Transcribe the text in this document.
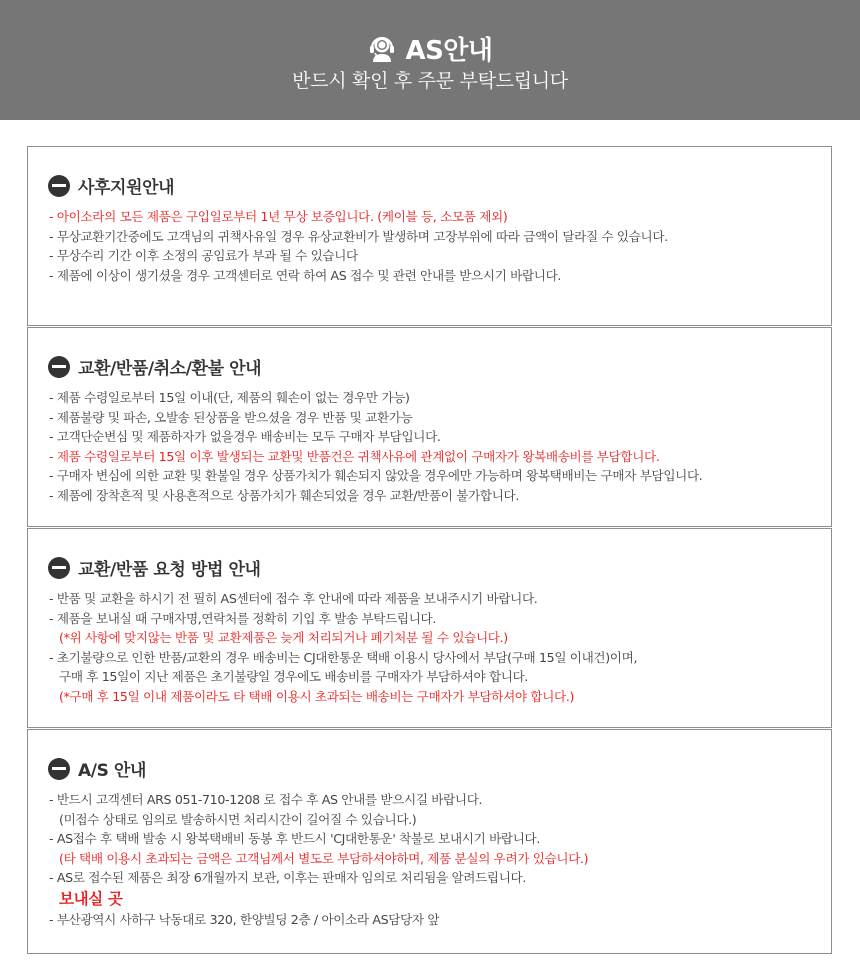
AS안내
반드시 확인 후 주문 부탁드립니다
사후지원안내
- 아이소라의 모든 제품은 구입일로부터 1년 무상 보증입니다. (케이블 등, 소모품 제외)
- 무상교환기간중에도 고객님의 귀책사유일 경우 유상교환비가 발생하며 고장부위에 따라 금액이 달라질 수 있습니다.
- 무상수리 기간 이후 소정의 공임료가 부과 될 수 있습니다
- 제품에 이상이 생기셨을 경우 고객센터로 연락 하여 AS 접수 및 관련 안내를 받으시기 바랍니다.
교환/반품/취소/환불 안내
- 제품 수령일로부터 15일 이내(단, 제품의 훼손이 없는 경우만 가능)
- 제품불량 및 파손, 오발송 된상품을 받으셨을 경우 반품 및 교환가능
- 고객단순변심 및 제품하자가 없을경우 배송비는 모두 구매자 부담입니다.
- 제품 수령일로부터 15일 이후 발생되는 교환및 반품건은 귀책사유에 관계없이 구매자가 왕복배송비를 부담합니다.
- 구매자 변심에 의한 교환 및 환불일 경우 상품가치가 훼손되지 않았을 경우에만 가능하며 왕복택배비는 구매자 부담입니다.
- 제품에 장착흔적 및 사용흔적으로 상품가치가 훼손되었을 경우 교환/반품이 불가합니다.
교환/반품 요청 방법 안내
- 반품 및 교환을 하시기 전 필히 AS센터에 접수 후 안내에 따라 제품을 보내주시기 바랍니다.
- 제품을 보내실 때 구매자명,연락처를 정확히 기입 후 발송 부탁드립니다.
(*위 사항에 맞지않는 반품 및 교환제품은 늦게 처리되거나 폐기처분 될 수 있습니다.)
- 초기불량으로 인한 반품/교환의 경우 배송비는 CJ대한통운 택배 이용시 당사에서 부담(구매 15일 이내건)이며,
구매 후 15일이 지난 제품은 초기불량일 경우에도 배송비를 구매자가 부담하셔야 합니다.
(*구매 후 15일 이내 제품이라도 타 택배 이용시 초과되는 배송비는 구매자가 부담하셔야 합니다.)
A/S 안내
- 반드시 고객센터 ARS 051-710-1208 로 접수 후 AS 안내를 받으시길 바랍니다.
(미접수 상태로 임의로 발송하시면 처리시간이 길어질 수 있습니다.)
- AS접수 후 택배 발송 시 왕복택배비 동봉 후 반드시 'CJ대한통운' 착불로 보내시기 바랍니다.
(타 택배 이용시 초과되는 금액은 고객님께서 별도로 부담하셔야하며, 제품 분실의 우려가 있습니다.)
- AS로 접수된 제품은 최장 6개월까지 보관, 이후는 판매자 임의로 처리됨을 알려드립니다.
보내실 곳
- 부산광역시 사하구 낙동대로 320, 한양빌딩 2층 / 아이소라 AS담당자 앞
